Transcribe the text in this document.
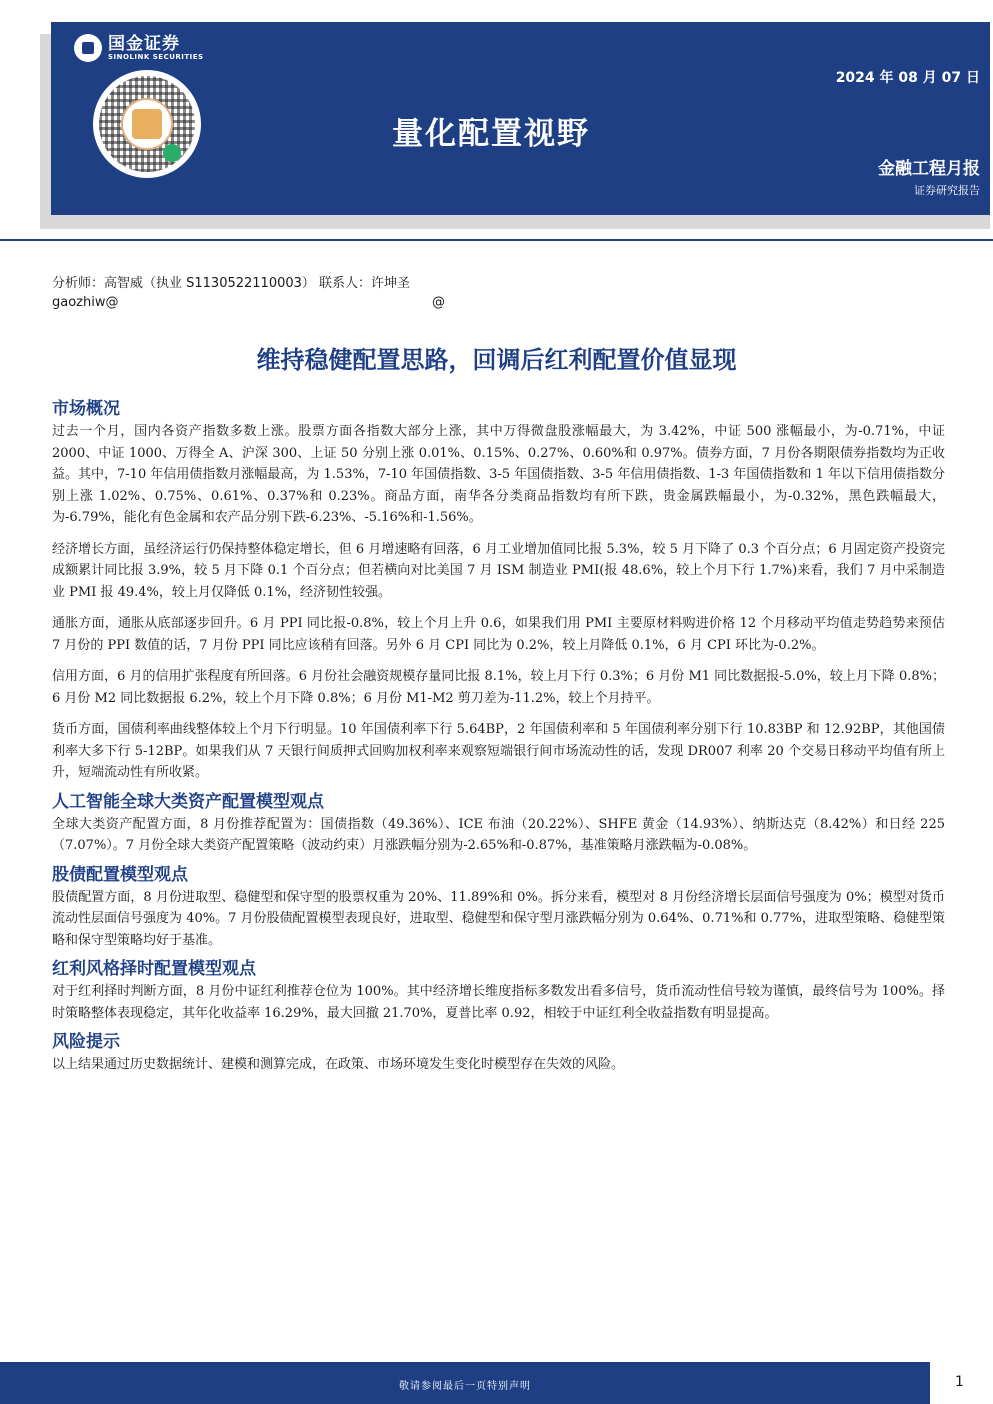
2024 年 08 月 07 日
金融工程月报
证券研究报告
国金证券
SINOLINK SECURITIES
量化配置视野
分析师：高智威（执业 S1130522110003） 联系人：许坤圣
gaozhiw@	@
维持稳健配置思路，回调后红利配置价值显现
市场概况

过去一个月，国内各资产指数多数上涨。股票方面各指数大部分上涨，其中万得微盘股涨幅最大，为 3.42%，中证 500 涨幅最小，为-0.71%，中证 2000、中证 1000、万得全 A、沪深 300、上证 50 分别上涨 0.01%、0.15%、0.27%、0.60%和 0.97%。债券方面，7 月份各期限债券指数均为正收益。其中，7-10 年信用债指数月涨幅最高，为 1.53%，7-10 年国债指数、3-5 年国债指数、3-5 年信用债指数、1-3 年国债指数和 1 年以下信用债指数分别上涨 1.02%、0.75%、0.61%、0.37%和 0.23%。商品方面，南华各分类商品指数均有所下跌，贵金属跌幅最小，为-0.32%，黑色跌幅最大，为-6.79%，能化有色金属和农产品分别下跌-6.23%、-5.16%和-1.56%。

经济增长方面，虽经济运行仍保持整体稳定增长，但 6 月增速略有回落，6 月工业增加值同比报 5.3%，较 5 月下降了 0.3 个百分点；6 月固定资产投资完成额累计同比报 3.9%，较 5 月下降 0.1 个百分点；但若横向对比美国 7 月 ISM 制造业 PMI(报 48.6%，较上个月下行 1.7%)来看，我们 7 月中采制造业 PMI 报 49.4%，较上月仅降低 0.1%，经济韧性较强。

通胀方面，通胀从底部逐步回升。6 月 PPI 同比报-0.8%，较上个月上升 0.6，如果我们用 PMI 主要原材料购进价格 12 个月移动平均值走势趋势来预估 7 月份的 PPI 数值的话，7 月份 PPI 同比应该稍有回落。另外 6 月 CPI 同比为 0.2%，较上月降低 0.1%，6 月 CPI 环比为-0.2%。

信用方面，6 月的信用扩张程度有所回落。6 月份社会融资规模存量同比报 8.1%，较上月下行 0.3%；6 月份 M1 同比数据报-5.0%，较上月下降 0.8%；6 月份 M2 同比数据报 6.2%，较上个月下降 0.8%；6 月份 M1-M2 剪刀差为-11.2%，较上个月持平。

货币方面，国债利率曲线整体较上个月下行明显。10 年国债利率下行 5.64BP，2 年国债利率和 5 年国债利率分别下行 10.83BP 和 12.92BP，其他国债利率大多下行 5-12BP。如果我们从 7 天银行间质押式回购加权利率来观察短端银行间市场流动性的话，发现 DR007 利率 20 个交易日移动平均值有所上升，短端流动性有所收紧。

人工智能全球大类资产配置模型观点

全球大类资产配置方面，8 月份推荐配置为：国债指数（49.36%）、ICE 布油（20.22%）、SHFE 黄金（14.93%）、纳斯达克（8.42%）和日经 225（7.07%）。7 月份全球大类资产配置策略（波动约束）月涨跌幅分别为-2.65%和-0.87%，基准策略月涨跌幅为-0.08%。

股债配置模型观点

股债配置方面，8 月份进取型、稳健型和保守型的股票权重为 20%、11.89%和 0%。拆分来看，模型对 8 月份经济增长层面信号强度为 0%；模型对货币流动性层面信号强度为 40%。7 月份股债配置模型表现良好，进取型、稳健型和保守型月涨跌幅分别为 0.64%、0.71%和 0.77%，进取型策略、稳健型策略和保守型策略均好于基准。

红利风格择时配置模型观点

对于红利择时判断方面，8 月份中证红利推荐仓位为 100%。其中经济增长维度指标多数发出看多信号，货币流动性信号较为谨慎，最终信号为 100%。择时策略整体表现稳定，其年化收益率 16.29%，最大回撤 21.70%，夏普比率 0.92，相较于中证红利全收益指数有明显提高。

风险提示

以上结果通过历史数据统计、建模和测算完成，在政策、市场环境发生变化时模型存在失效的风险。

敬请参阅最后一页特别声明	1
